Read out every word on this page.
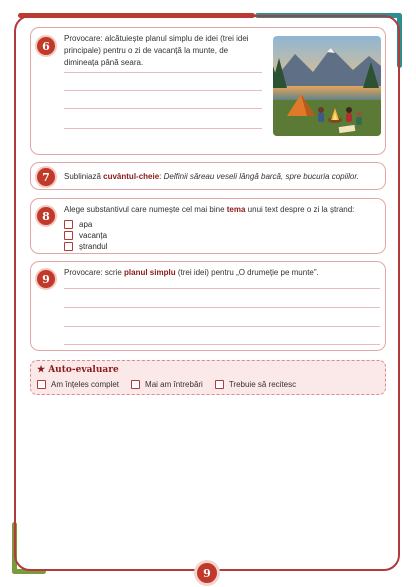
6
Provocare: alcătuiește planul simplu de idei (trei idei
principale) pentru o zi de vacanță la munte, de
dimineața până seara.
7	Subliniază cuvântul-cheie: Delfinii săreau veseli lângă barcă, spre bucuria copiilor.
8	Alege substantivul care numește cel mai bine tema unui text despre o zi la ștrand:
apa
vacanța
ștrandul
9	Provocare: scrie planul simplu (trei idei) pentru „O drumeție pe munte”.
★ Auto-evaluare
Am înțeles complet	Mai am întrebări	Trebuie să recitesc
9
